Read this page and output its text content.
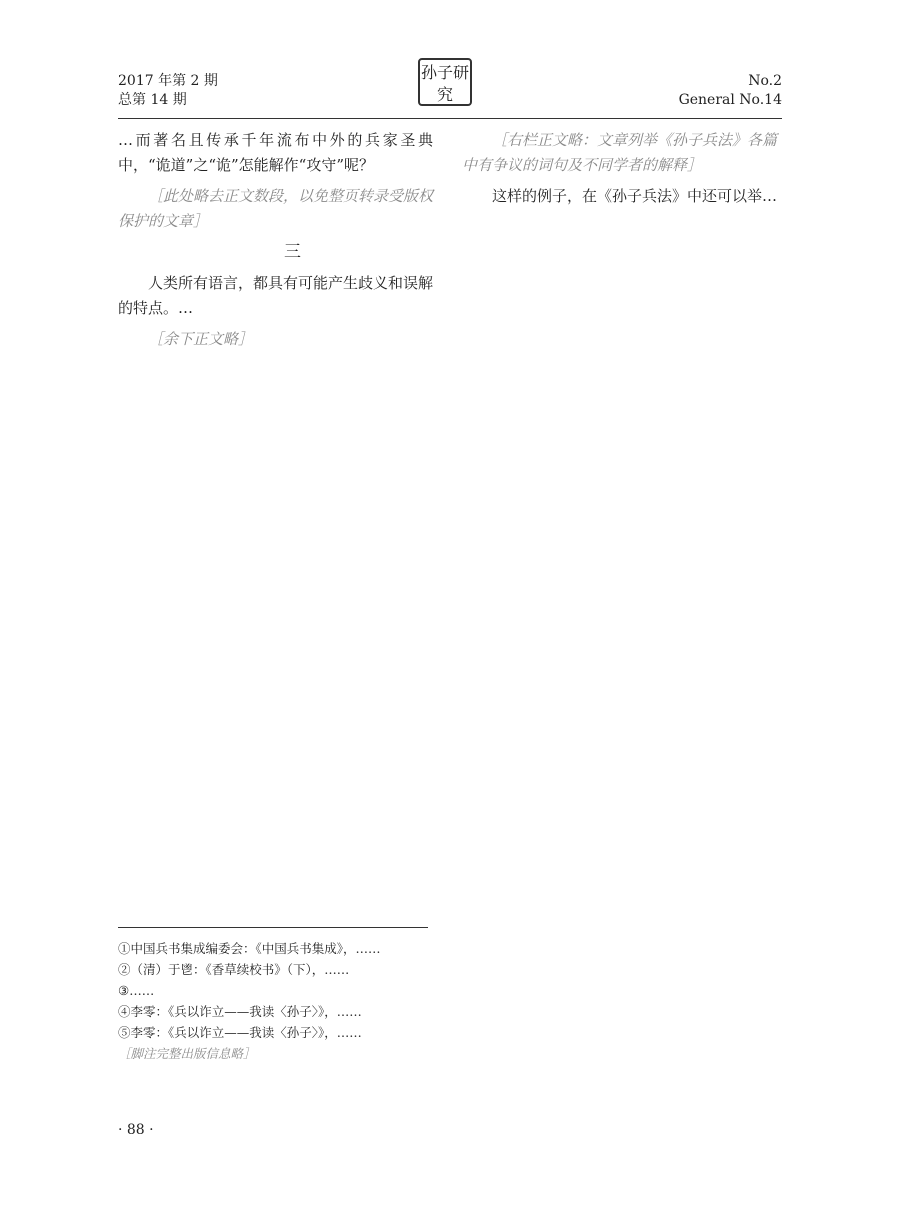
2017 年第 2 期
总第 14 期
孙子研究
No.2
General No.14

…而著名且传承千年流布中外的兵家圣典中，“诡道”之“诡”怎能解作“攻守”呢？

［此处略去正文数段，以免整页转录受版权保护的文章］

三

人类所有语言，都具有可能产生歧义和误解的特点。…

［余下正文略］

［右栏正文略：文章列举《孙子兵法》各篇中有争议的词句及不同学者的解释］

这样的例子，在《孙子兵法》中还可以举…

①中国兵书集成编委会：《中国兵书集成》，……
②（清）于鬯：《香草续校书》（下），……
③……
④李零：《兵以诈立——我读〈孙子〉》，……
⑤李零：《兵以诈立——我读〈孙子〉》，……
［脚注完整出版信息略］
· 88 ·
